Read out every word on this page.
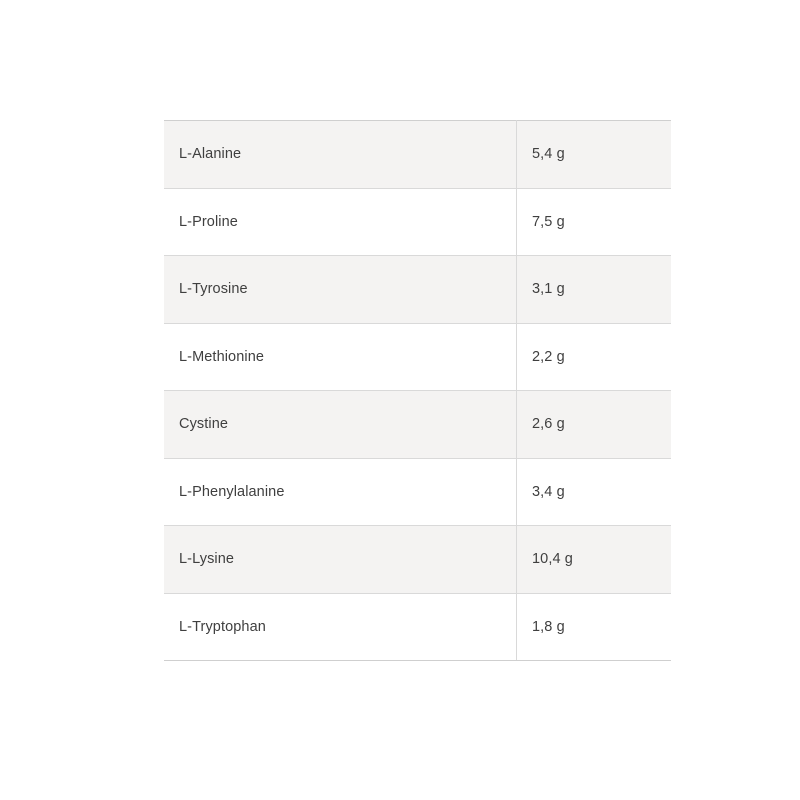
L-Alanine	5,4 g
L-Proline	7,5 g
L-Tyrosine	3,1 g
L-Methionine	2,2 g
Cystine	2,6 g
L-Phenylalanine	3,4 g
L-Lysine	10,4 g
L-Tryptophan	1,8 g
